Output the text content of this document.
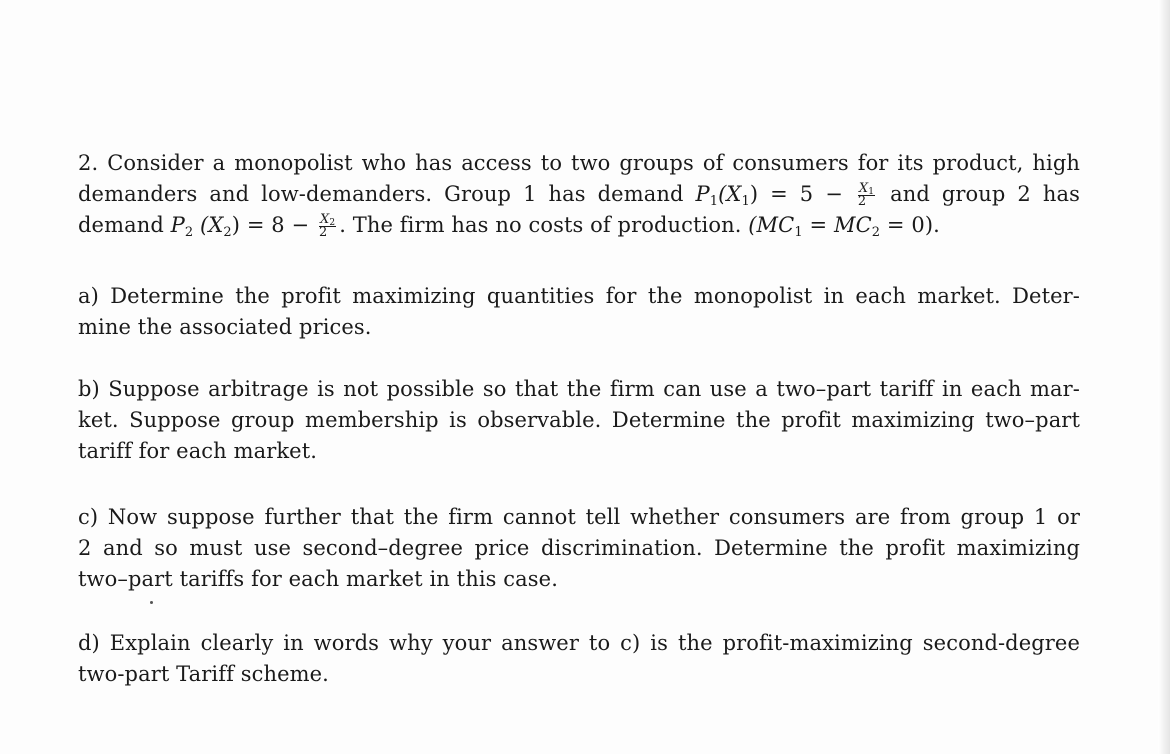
2. Consider a monopolist who has access to two groups of consumers for its product, high
demanders and low-demanders. Group 1 has demand $P_1(X_1) = 5 - \frac{X_1}{2}$ and group 2 has
demand $P_2$ $(X_2) = 8 - \frac{X_2}{2}$ . The firm has no costs of production. $(MC_1 = MC_2 = 0)$.
a) Determine the profit maximizing quantities for the monopolist in each market. Deter-
mine the associated prices.
b) Suppose arbitrage is not possible so that the firm can use a two–part tariff in each mar-
ket. Suppose group membership is observable. Determine the profit maximizing two–part
tariff for each market.
c) Now suppose further that the firm cannot tell whether consumers are from group 1 or
2 and so must use second–degree price discrimination. Determine the profit maximizing
two–part tariffs for each market in this case.
d) Explain clearly in words why your answer to c) is the profit-maximizing second-degree
two-part Tariff scheme.
